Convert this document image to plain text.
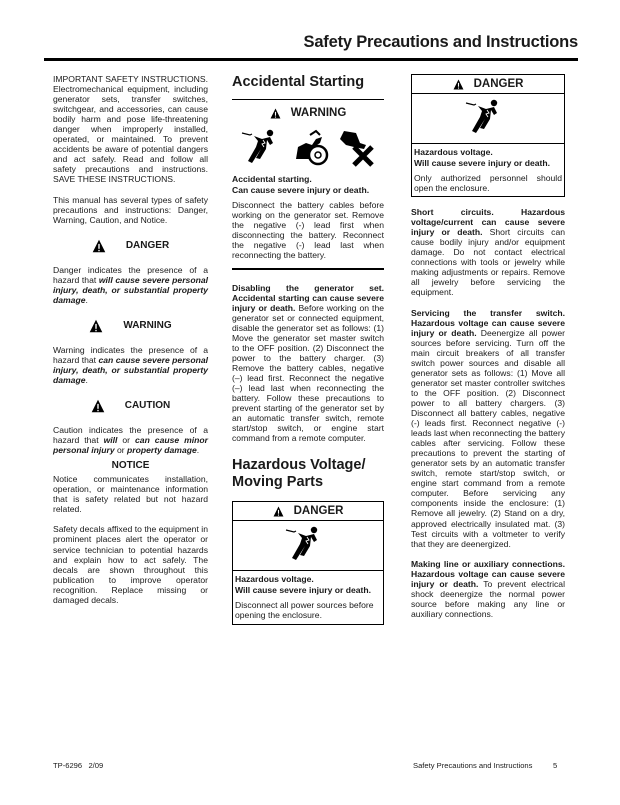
Safety Precautions and Instructions

IMPORTANT SAFETY INSTRUCTIONS. Electromechanical equipment, including generator sets, transfer switches, switchgear, and accessories, can cause bodily harm and pose life-threatening danger when improperly installed, operated, or maintained. To prevent accidents be aware of potential dangers and act safely. Read and follow all safety precautions and instructions. SAVE THESE INSTRUCTIONS.

This manual has several types of safety precautions and instructions: Danger, Warning, Caution, and Notice.

DANGER

Danger indicates the presence of a hazard that will cause severe personal injury, death, or substantial property damage.

WARNING

Warning indicates the presence of a hazard that can cause severe personal injury, death, or substantial property damage.

CAUTION

Caution indicates the presence of a hazard that will or can cause minor personal injury or property damage.

NOTICE

Notice communicates installation, operation, or maintenance information that is safety related but not hazard related.

Safety decals affixed to the equipment in prominent places alert the operator or service technician to potential hazards and explain how to act safely. The decals are shown throughout this publication to improve operator recognition. Replace missing or damaged decals.

Accidental Starting
WARNING
Accidental starting.
Can cause severe injury or death.

Disconnect the battery cables before working on the generator set. Remove the negative (-) lead first when disconnecting the battery. Reconnect the negative (-) lead last when reconnecting the battery.

Disabling the generator set. Accidental starting can cause severe injury or death. Before working on the generator set or connected equipment, disable the generator set as follows: (1) Move the generator set master switch to the OFF position. (2) Disconnect the power to the battery charger. (3) Remove the battery cables, negative (–) lead first. Reconnect the negative (–) lead last when reconnecting the battery. Follow these precautions to prevent starting of the generator set by an automatic transfer switch, remote start/stop switch, or engine start command from a remote computer.

Hazardous Voltage/
Moving Parts
DANGER
Hazardous voltage.
Will cause severe injury or death.

Disconnect all power sources before opening the enclosure.

DANGER
Hazardous voltage.
Will cause severe injury or death.

Only authorized personnel should open the enclosure.

Short circuits. Hazardous voltage/current can cause severe injury or death. Short circuits can cause bodily injury and/or equipment damage. Do not contact electrical connections with tools or jewelry while making adjustments or repairs. Remove all jewelry before servicing the equipment.

Servicing the transfer switch. Hazardous voltage can cause severe injury or death. Deenergize all power sources before servicing. Turn off the main circuit breakers of all transfer switch power sources and disable all generator sets as follows: (1) Move all generator set master controller switches to the OFF position. (2) Disconnect power to all battery chargers. (3) Disconnect all battery cables, negative (-) leads first. Reconnect negative (-) leads last when reconnecting the battery cables after servicing. Follow these precautions to prevent the starting of generator sets by an automatic transfer switch, remote start/stop switch, or engine start command from a remote computer. Before servicing any components inside the enclosure: (1) Remove all jewelry. (2) Stand on a dry, approved electrically insulated mat. (3) Test circuits with a voltmeter to verify that they are deenergized.

Making line or auxiliary connections. Hazardous voltage can cause severe injury or death. To prevent electrical shock deenergize the normal power source before making any line or auxiliary connections.

TP-6296   2/09	Safety Precautions and Instructions	5
